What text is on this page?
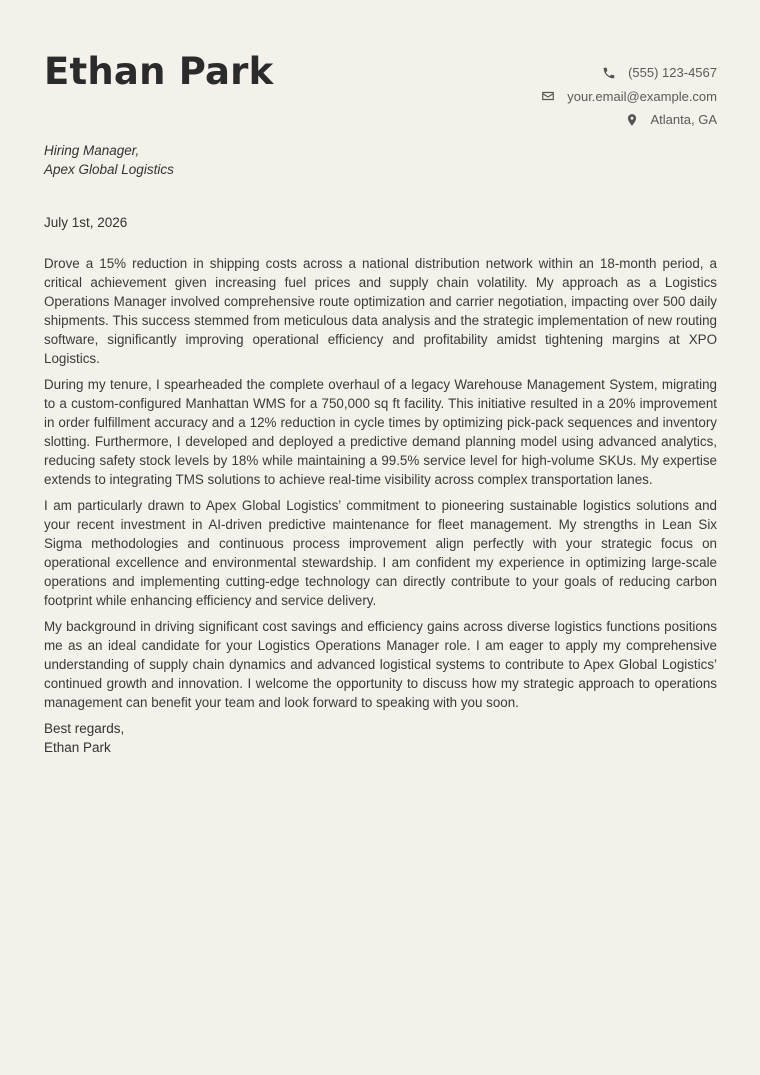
Ethan Park	(555) 123-4567
your.email@example.com
Atlanta, GA
Hiring Manager,
Apex Global Logistics
July 1st, 2026

Drove a 15% reduction in shipping costs across a national distribution network within an 18-month period, a critical achievement given increasing fuel prices and supply chain volatility. My approach as a Logistics Operations Manager involved comprehensive route optimization and carrier negotiation, impacting over 500 daily shipments. This success stemmed from meticulous data analysis and the strategic implementation of new routing software, significantly improving operational efficiency and profitability amidst tightening margins at XPO Logistics.

During my tenure, I spearheaded the complete overhaul of a legacy Warehouse Management System, migrating to a custom-configured Manhattan WMS for a 750,000 sq ft facility. This initiative resulted in a 20% improvement in order fulfillment accuracy and a 12% reduction in cycle times by optimizing pick-pack sequences and inventory slotting. Furthermore, I developed and deployed a predictive demand planning model using advanced analytics, reducing safety stock levels by 18% while maintaining a 99.5% service level for high-volume SKUs. My expertise extends to integrating TMS solutions to achieve real-time visibility across complex transportation lanes.

I am particularly drawn to Apex Global Logistics’ commitment to pioneering sustainable logistics solutions and your recent investment in AI-driven predictive maintenance for fleet management. My strengths in Lean Six Sigma methodologies and continuous process improvement align perfectly with your strategic focus on operational excellence and environmental stewardship. I am confident my experience in optimizing large-scale operations and implementing cutting-edge technology can directly contribute to your goals of reducing carbon footprint while enhancing efficiency and service delivery.

My background in driving significant cost savings and efficiency gains across diverse logistics functions positions me as an ideal candidate for your Logistics Operations Manager role. I am eager to apply my comprehensive understanding of supply chain dynamics and advanced logistical systems to contribute to Apex Global Logistics’ continued growth and innovation. I welcome the opportunity to discuss how my strategic approach to operations management can benefit your team and look forward to speaking with you soon.

Best regards,
Ethan Park
